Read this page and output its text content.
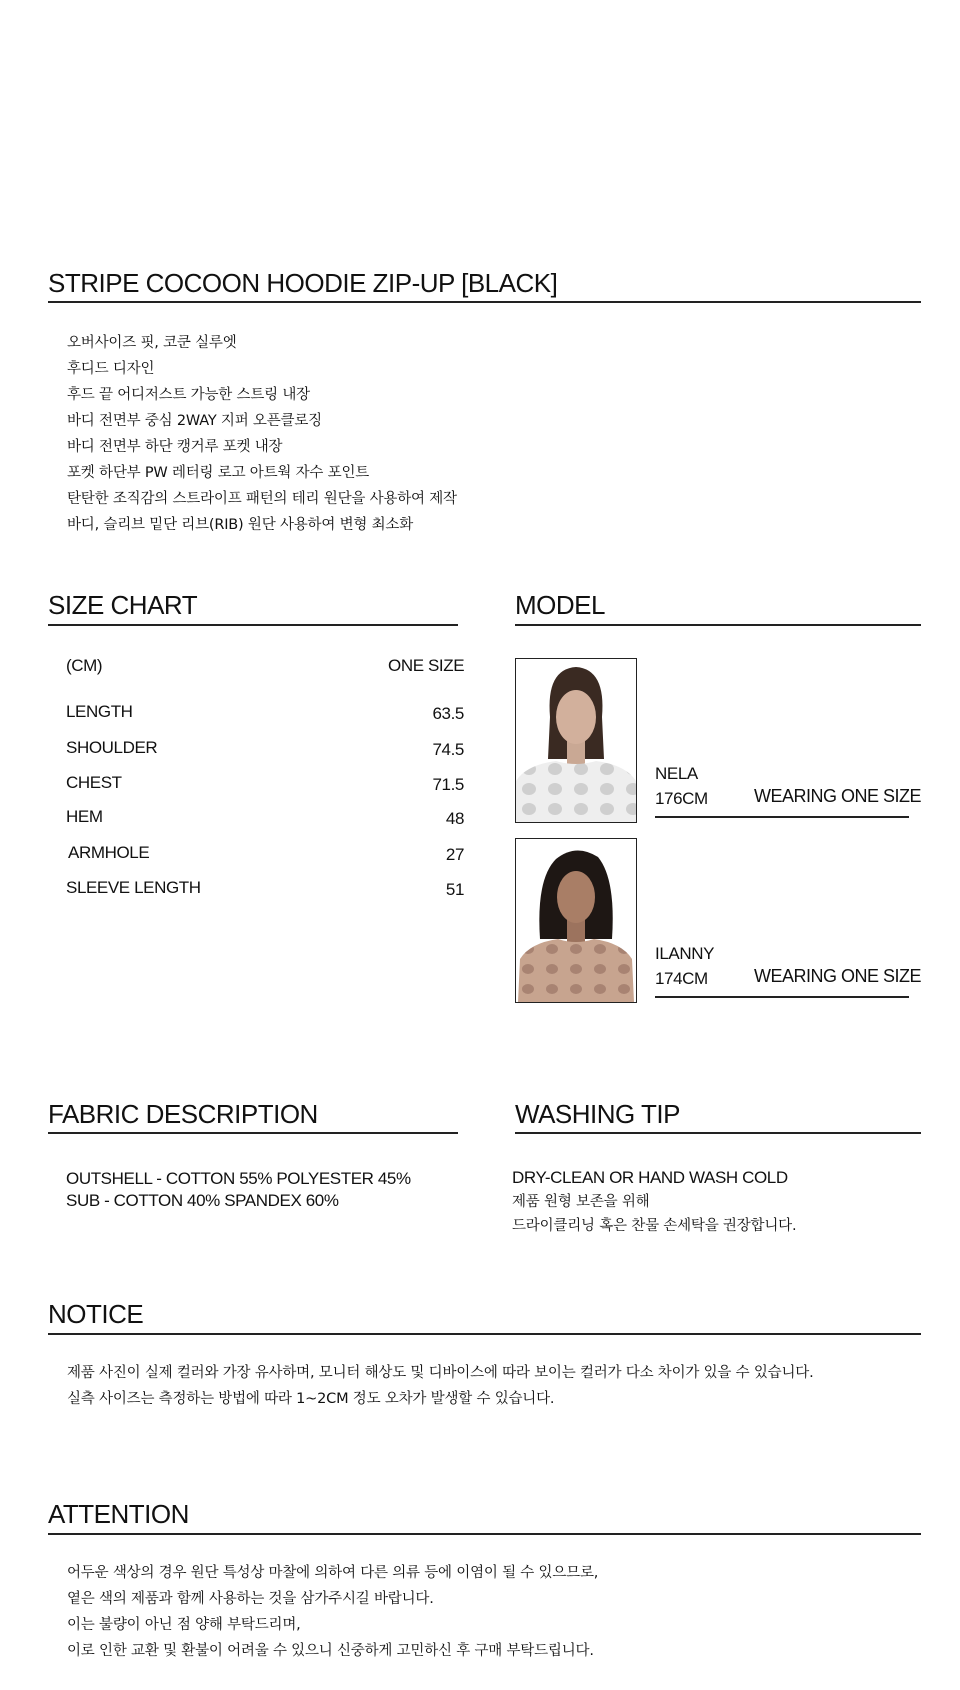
STRIPE COCOON HOODIE ZIP-UP [BLACK]
오버사이즈 핏, 코쿤 실루엣
후디드 디자인
후드 끝 어디저스트 가능한 스트링 내장
바디 전면부 중심 2WAY 지퍼 오픈클로징
바디 전면부 하단 캥거루 포켓 내장
포켓 하단부 PW 레터링 로고 아트웍 자수 포인트
탄탄한 조직감의 스트라이프 패턴의 테리 원단을 사용하여 제작
바디, 슬리브 밑단 리브(RIB) 원단 사용하여 변형 최소화
SIZE CHART
(CM)	ONE SIZE
LENGTH	63.5
SHOULDER	74.5
CHEST	71.5
HEM	48
ARMHOLE	27
SLEEVE LENGTH	51
MODEL
NELA
176CM	WEARING ONE SIZE
ILANNY
174CM	WEARING ONE SIZE
FABRIC DESCRIPTION
OUTSHELL - COTTON 55% POLYESTER 45%
SUB - COTTON 40% SPANDEX 60%
WASHING TIP
DRY-CLEAN OR HAND WASH COLD
제품 원형 보존을 위해
드라이클리닝 혹은 찬물 손세탁을 권장합니다.
NOTICE
제품 사진이 실제 컬러와 가장 유사하며, 모니터 해상도 및 디바이스에 따라 보이는 컬러가 다소 차이가 있을 수 있습니다.
실측 사이즈는 측정하는 방법에 따라 1~2CM 정도 오차가 발생할 수 있습니다.
ATTENTION
어두운 색상의 경우 원단 특성상 마찰에 의하여 다른 의류 등에 이염이 될 수 있으므로,
옅은 색의 제품과 함께 사용하는 것을 삼가주시길 바랍니다.
이는 불량이 아닌 점 양해 부탁드리며,
이로 인한 교환 및 환불이 어려울 수 있으니 신중하게 고민하신 후 구매 부탁드립니다.
